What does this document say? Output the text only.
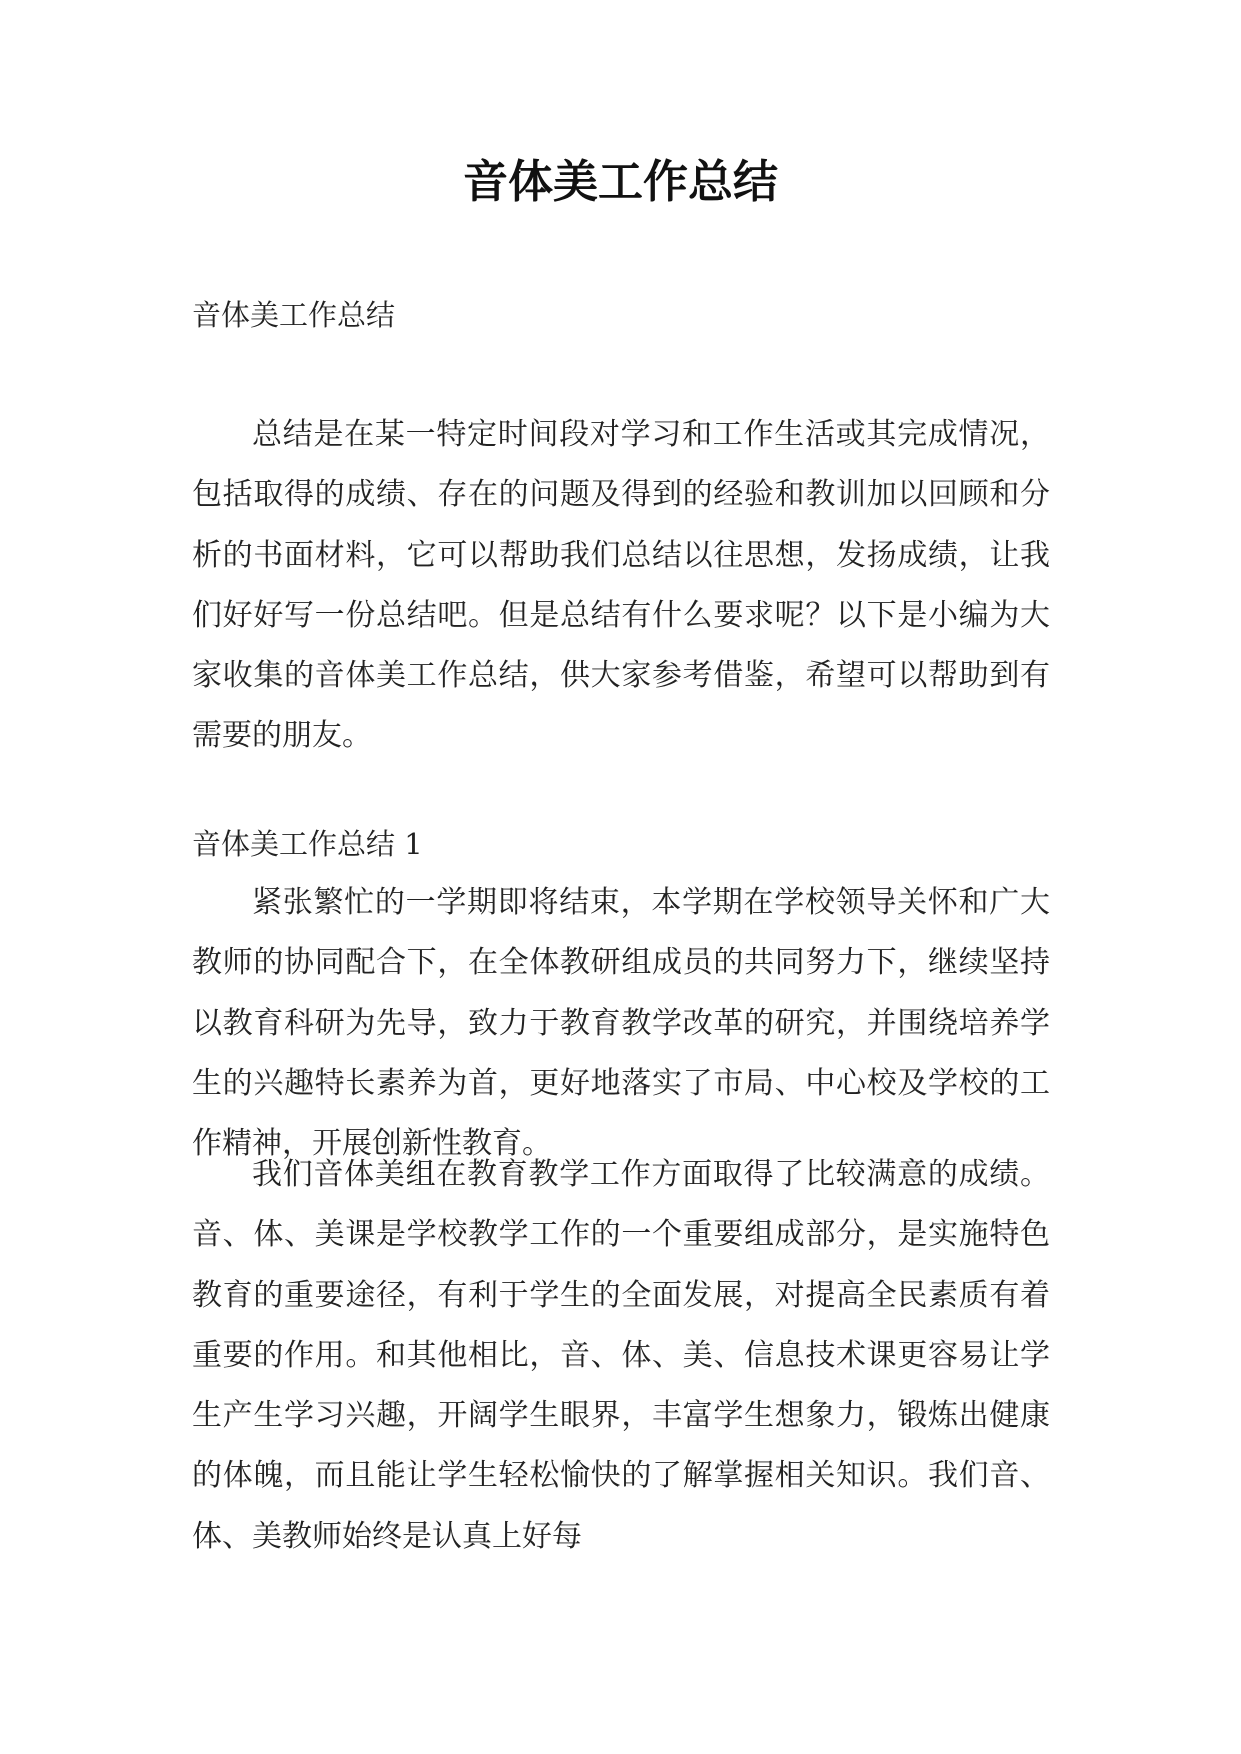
音体美工作总结
音体美工作总结

总结是在某一特定时间段对学习和工作生活或其完成情况，包括取得的成绩、存在的问题及得到的经验和教训加以回顾和分析的书面材料，它可以帮助我们总结以往思想，发扬成绩，让我们好好写一份总结吧。但是总结有什么要求呢？以下是小编为大家收集的音体美工作总结，供大家参考借鉴，希望可以帮助到有需要的朋友。

音体美工作总结 1

紧张繁忙的一学期即将结束，本学期在学校领导关怀和广大教师的协同配合下，在全体教研组成员的共同努力下，继续坚持以教育科研为先导，致力于教育教学改革的研究，并围绕培养学生的兴趣特长素养为首，更好地落实了市局、中心校及学校的工作精神，开展创新性教育。

我们音体美组在教育教学工作方面取得了比较满意的成绩。音、体、美课是学校教学工作的一个重要组成部分，是实施特色教育的重要途径，有利于学生的全面发展，对提高全民素质有着重要的作用。和其他相比，音、体、美、信息技术课更容易让学生产生学习兴趣，开阔学生眼界，丰富学生想象力，锻炼出健康的体魄，而且能让学生轻松愉快的了解掌握相关知识。我们音、体、美教师始终是认真上好每
